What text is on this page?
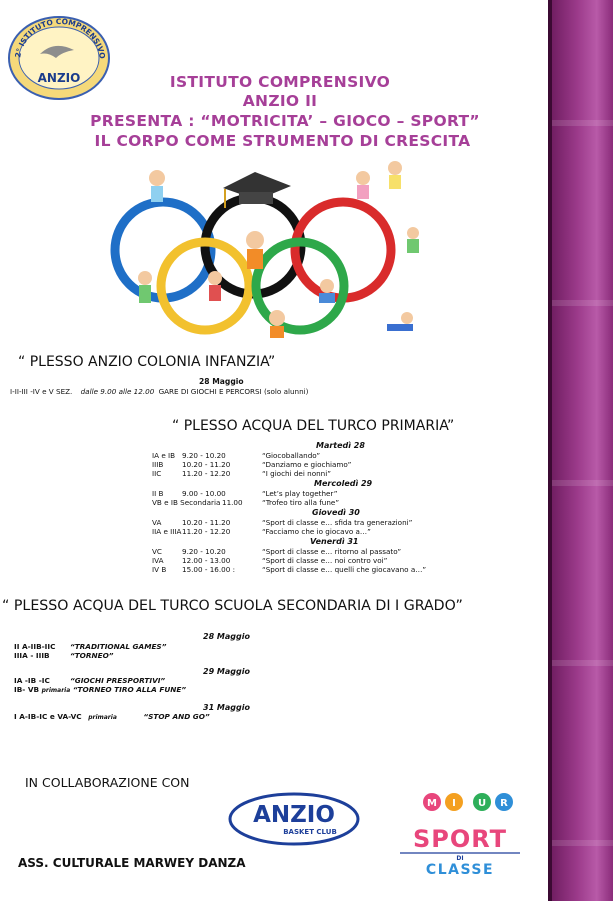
2° ISTITUTO COMPRENSIVO
ANZIO	ISTITUTO COMPRENSIVO
ANZIO II
PRESENTA : “MOTRICITA’ – GIOCO – SPORT”
IL CORPO COME STRUMENTO DI CRESCITA
“ PLESSO ANZIO COLONIA INFANZIA”
28 Maggio
I-II-III -IV e V SEZ. dalle 9.00 alle 12.00 GARE DI GIOCHI E PERCORSI (solo alunni)
“ PLESSO ACQUA DEL TURCO PRIMARIA”
Martedì 28
IA e IB 9.20 - 10.20	“Giocoballando”
IIIB	10.20 - 11.20	“Danziamo e giochiamo”
IIC	11.20 - 12.20	“I giochi dei nonni”
Mercoledì 29
II B	9.00 - 10.00	“Let’s play together”
VB e IB Secondaria 11.00	“Trofeo tiro alla fune”
Giovedì 30
VA	10.20 - 11.20	“Sport di classe e… sfida tra generazioni”
IIA e IIIA 11.20 - 12.20	“Facciamo che io giocavo a…”
Venerdì 31
VC	9.20 - 10.20	“Sport di classe e… ritorno al passato”
IVA	12.00 - 13.00	“Sport di classe e… noi contro voi”
IV B 15.00 - 16.00 :	“Sport di classe e… quelli che giocavano a…”
“ PLESSO ACQUA DEL TURCO SCUOLA SECONDARIA DI I GRADO”
28 Maggio
II A-IIB-IIC “TRADITIONAL GAMES”
IIIA - IIIB	“TORNEO”
29 Maggio
IA -IB -IC	“GIOCHI PRESPORTIVI”
IB- VB primaria “TORNEO TIRO ALLA FUNE”
31 Maggio
I A-IB-IC e VA-VC primaria	“STOP AND GO”
IN COLLABORAZIONE CON
ASS. CULTURALE MARWEY DANZA
ANZIO
BASKET CLUB
M I U R
SPORT
DI
CLASSE
